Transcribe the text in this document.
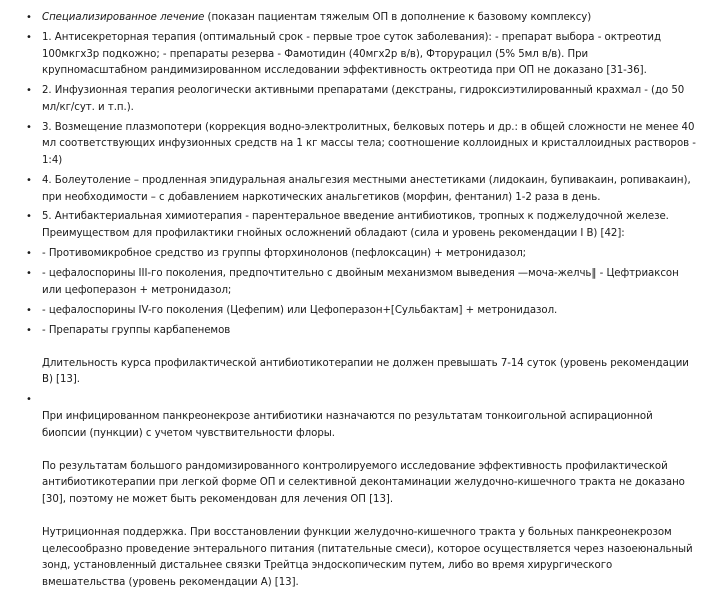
• Специализированное лечение (показан пациентам тяжелым ОП в дополнение к базовому комплексу)
• 1. Антисекреторная терапия (оптимальный срок - первые трое суток заболевания): - препарат выбора - октреотид 100мкгх3р подкожно; - препараты резерва - Фамотидин (40мгх2р в/в), Фторурацил (5% 5мл в/в). При крупномасштабном рандимизированном исследовании эффективность октреотида при ОП не доказано [31-36].
• 2. Инфузионная терапия реологически активными препаратами (декстраны, гидроксиэтилированный крахмал - (до 50 мл/кг/сут. и т.п.).
• 3. Возмещение плазмопотери (коррекция водно-электролитных, белковых потерь и др.: в общей сложности не менее 40 мл соответствующих инфузионных средств на 1 кг массы тела; соотношение коллоидных и кристаллоидных растворов - 1:4)
• 4. Болеутоление – продленная эпидуральная анальгезия местными анестетиками (лидокаин, бупивакаин, ропивакаин), при необходимости – с добавлением наркотических анальгетиков (морфин, фентанил) 1-2 раза в день.
• 5. Антибактериальная химиотерапия - парентеральное введение антибиотиков, тропных к поджелудочной железе. Преимуществом для профилактики гнойных осложнений обладают (сила и уровень рекомендации I В) [42]:
• - Противомикробное средство из группы фторхинолонов (пефлоксацин) + метронидазол;
• - цефалоспорины III-го поколения, предпочтительно с двойным механизмом выведения —моча-желчь‖ - Цефтриаксон или цефоперазон + метронидазол;
• - цефалоспорины IV-го поколения (Цефепим) или Цефоперазон+[Сульбактам] + метронидазол.
• - Препараты группы карбапенемов
Длительность курса профилактической антибиотикотерапии не должен превышать 7-14 суток (уровень рекомендации В) [13].
•
При инфицированном панкреонекрозе антибиотики назначаются по результатам тонкоигольной аспирационной биопсии (пункции) с учетом чувствительности флоры.
По результатам большого рандомизированного контролируемого исследование эффективность профилактической антибиотикотерапии при легкой форме ОП и селективной деконтаминации желудочно-кишечного тракта не доказано [30], поэтому не может быть рекомендован для лечения ОП [13].
Нутриционная поддержка. При восстановлении функции желудочно-кишечного тракта у больных панкреонекрозом целесообразно проведение энтерального питания (питательные смеси), которое осуществляется через назоеюнальный зонд, установленный дистальнее связки Трейтца эндоскопическим путем, либо во время хирургического вмешательства (уровень рекомендации А) [13].
